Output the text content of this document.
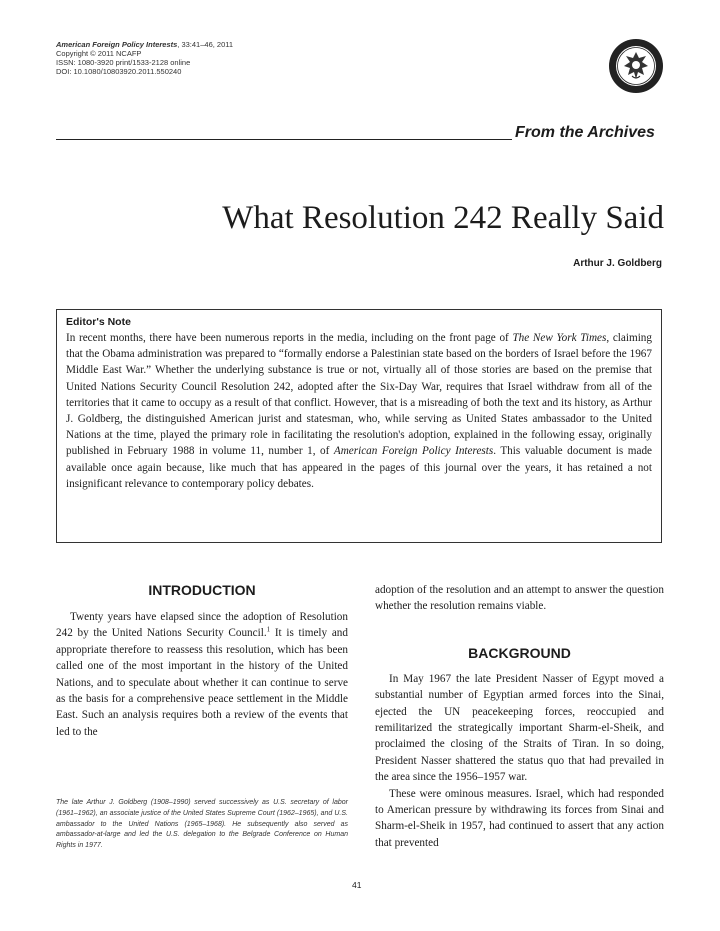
American Foreign Policy Interests, 33:41–46, 2011
Copyright © 2011 NCAFP
ISSN: 1080-3920 print/1533-2128 online
DOI: 10.1080/10803920.2011.550240
From the Archives
What Resolution 242 Really Said
Arthur J. Goldberg
Editor's Note
In recent months, there have been numerous reports in the media, including on the front page of The New York Times, claiming that the Obama administration was prepared to “formally endorse a Palestinian state based on the borders of Israel before the 1967 Middle East War.” Whether the underlying substance is true or not, virtually all of those stories are based on the premise that United Nations Security Council Resolution 242, adopted after the Six-Day War, requires that Israel withdraw from all of the territories that it came to occupy as a result of that conflict. However, that is a misreading of both the text and its history, as Arthur J. Goldberg, the distinguished American jurist and statesman, who, while serving as United States ambassador to the United Nations at the time, played the primary role in facilitating the resolution's adoption, explained in the following essay, originally published in February 1988 in volume 11, number 1, of American Foreign Policy Interests. This valuable document is made available once again because, like much that has appeared in the pages of this journal over the years, it has retained a not insignificant relevance to contemporary policy debates.
INTRODUCTION

Twenty years have elapsed since the adoption of Resolution 242 by the United Nations Security Council.$^1$ It is timely and appropriate therefore to reassess this resolution, which has been called one of the most important in the history of the United Nations, and to speculate about whether it can continue to serve as the basis for a comprehensive peace settlement in the Middle East. Such an analysis requires both a review of the events that led to the

The late Arthur J. Goldberg (1908–1990) served successively as U.S. secretary of labor (1961–1962), an associate justice of the United States Supreme Court (1962–1965), and U.S. ambassador to the United Nations (1965–1968). He subsequently also served as ambassador-at-large and led the U.S. delegation to the Belgrade Conference on Human Rights in 1977.

adoption of the resolution and an attempt to answer the question whether the resolution remains viable.

BACKGROUND

In May 1967 the late President Nasser of Egypt moved a substantial number of Egyptian armed forces into the Sinai, ejected the UN peacekeeping forces, reoccupied and remilitarized the strategically important Sharm-el-Sheik, and proclaimed the closing of the Straits of Tiran. In so doing, President Nasser shattered the status quo that had prevailed in the area since the 1956–1957 war.

These were ominous measures. Israel, which had responded to American pressure by withdrawing its forces from Sinai and Sharm-el-Sheik in 1957, had continued to assert that any action that prevented

41
